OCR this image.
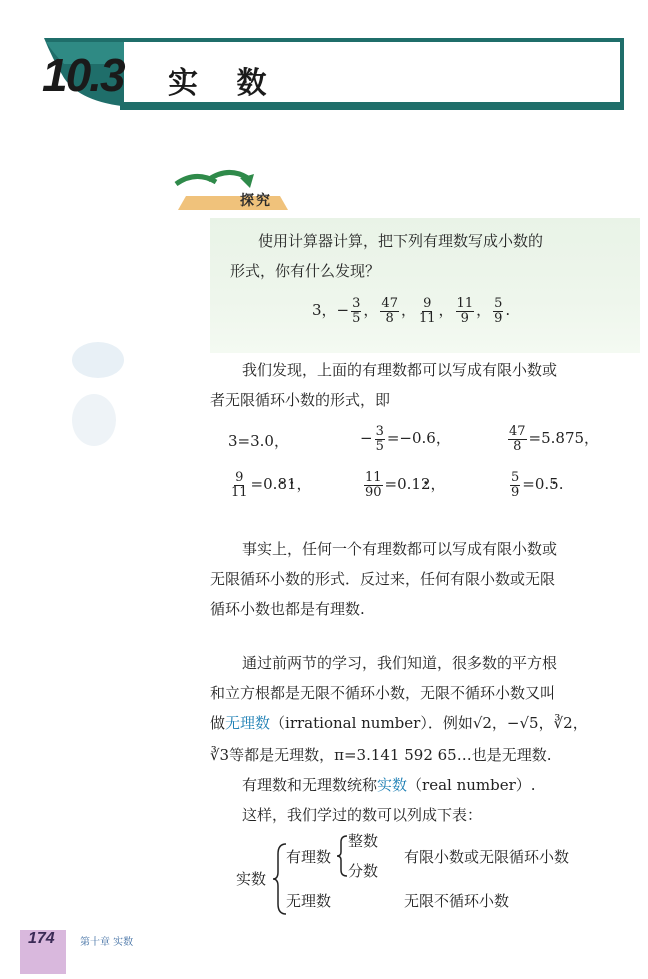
10.3 实 数
探究
使用计算器计算，把下列有理数写成小数的
形式，你有什么发现？
3，− $\frac{3}{5}$ ， $\frac{47}{8}$ ， $\frac{9}{11}$ ， $\frac{11}{9}$ ， $\frac{5}{9}$ .
我们发现，上面的有理数都可以写成有限小数或
者无限循环小数的形式，即
3=3.0，	− $\frac{3}{5} =-0.6$，	$\frac{47}{8} =5.875$，
$\frac{9}{11} =0.\cdot 8\cdot 1$，	$\frac{11}{90} =0.1\cdot 2$，	$\frac{5}{9} =0.\cdot 5$.
事实上，任何一个有理数都可以写成有限小数或
无限循环小数的形式．反过来，任何有限小数或无限
循环小数也都是有理数.
通过前两节的学习，我们知道，很多数的平方根
和立方根都是无限不循环小数，无限不循环小数又叫
做无理数（irrational number）．例如√2，−√5，∛2，
∛3等都是无理数，π=3.141 592 65…也是无理数.
有理数和无理数统称实数（real number）.
这样，我们学过的数可以列成下表：
实数
有理数
整数
分数
有限小数或无限循环小数
无理数	无限不循环小数
174	第十章 实数
